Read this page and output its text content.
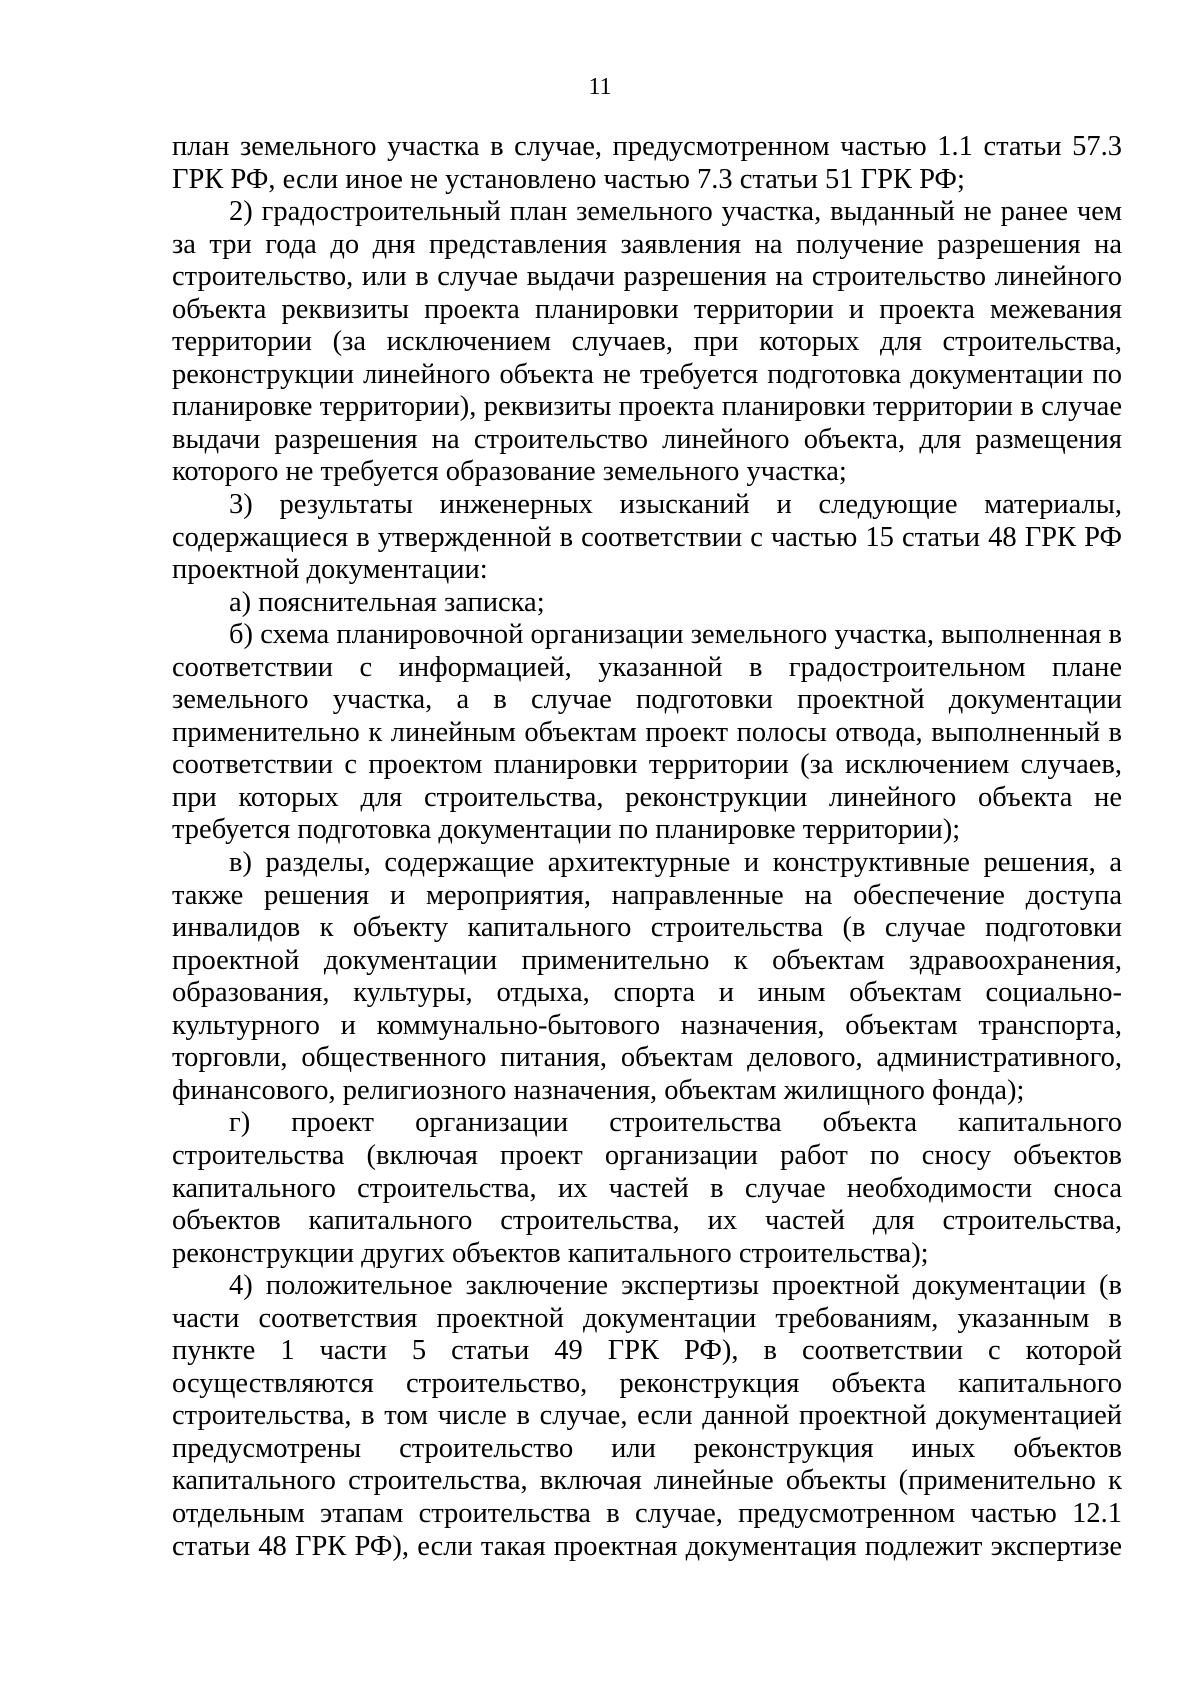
11

план земельного участка в случае, предусмотренном частью 1.1 статьи 57.3 ГРК РФ, если иное не установлено частью 7.3 статьи 51 ГРК РФ;

2) градостроительный план земельного участка, выданный не ранее чем за три года до дня представления заявления на получение разрешения на строительство, или в случае выдачи разрешения на строительство линейного объекта реквизиты проекта планировки территории и проекта межевания территории (за исключением случаев, при которых для строительства, реконструкции линейного объекта не требуется подготовка документации по планировке территории), реквизиты проекта планировки территории в случае выдачи разрешения на строительство линейного объекта, для размещения которого не требуется образование земельного участка;

3) результаты инженерных изысканий и следующие материалы, содержащиеся в утвержденной в соответствии с частью 15 статьи 48 ГРК РФ проектной документации:

а) пояснительная записка;

б) схема планировочной организации земельного участка, выполненная в соответствии с информацией, указанной в градостроительном плане земельного участка, а в случае подготовки проектной документации применительно к линейным объектам проект полосы отвода, выполненный в соответствии с проектом планировки территории (за исключением случаев, при которых для строительства, реконструкции линейного объекта не требуется подготовка документации по планировке территории);

в) разделы, содержащие архитектурные и конструктивные решения, а также решения и мероприятия, направленные на обеспечение доступа инвалидов к объекту капитального строительства (в случае подготовки проектной документации применительно к объектам здравоохранения, образования, культуры, отдыха, спорта и иным объектам социально-культурного и коммунально-бытового назначения, объектам транспорта, торговли, общественного питания, объектам делового, административного, финансового, религиозного назначения, объектам жилищного фонда);

г) проект организации строительства объекта капитального строительства (включая проект организации работ по сносу объектов капитального строительства, их частей в случае необходимости сноса объектов капитального строительства, их частей для строительства, реконструкции других объектов капитального строительства);

4) положительное заключение экспертизы проектной документации (в части соответствия проектной документации требованиям, указанным в пункте 1 части 5 статьи 49 ГРК РФ), в соответствии с которой осуществляются строительство, реконструкция объекта капитального строительства, в том числе в случае, если данной проектной документацией предусмотрены строительство или реконструкция иных объектов капитального строительства, включая линейные объекты (применительно к отдельным этапам строительства в случае, предусмотренном частью 12.1 статьи 48 ГРК РФ), если такая проектная документация подлежит экспертизе
